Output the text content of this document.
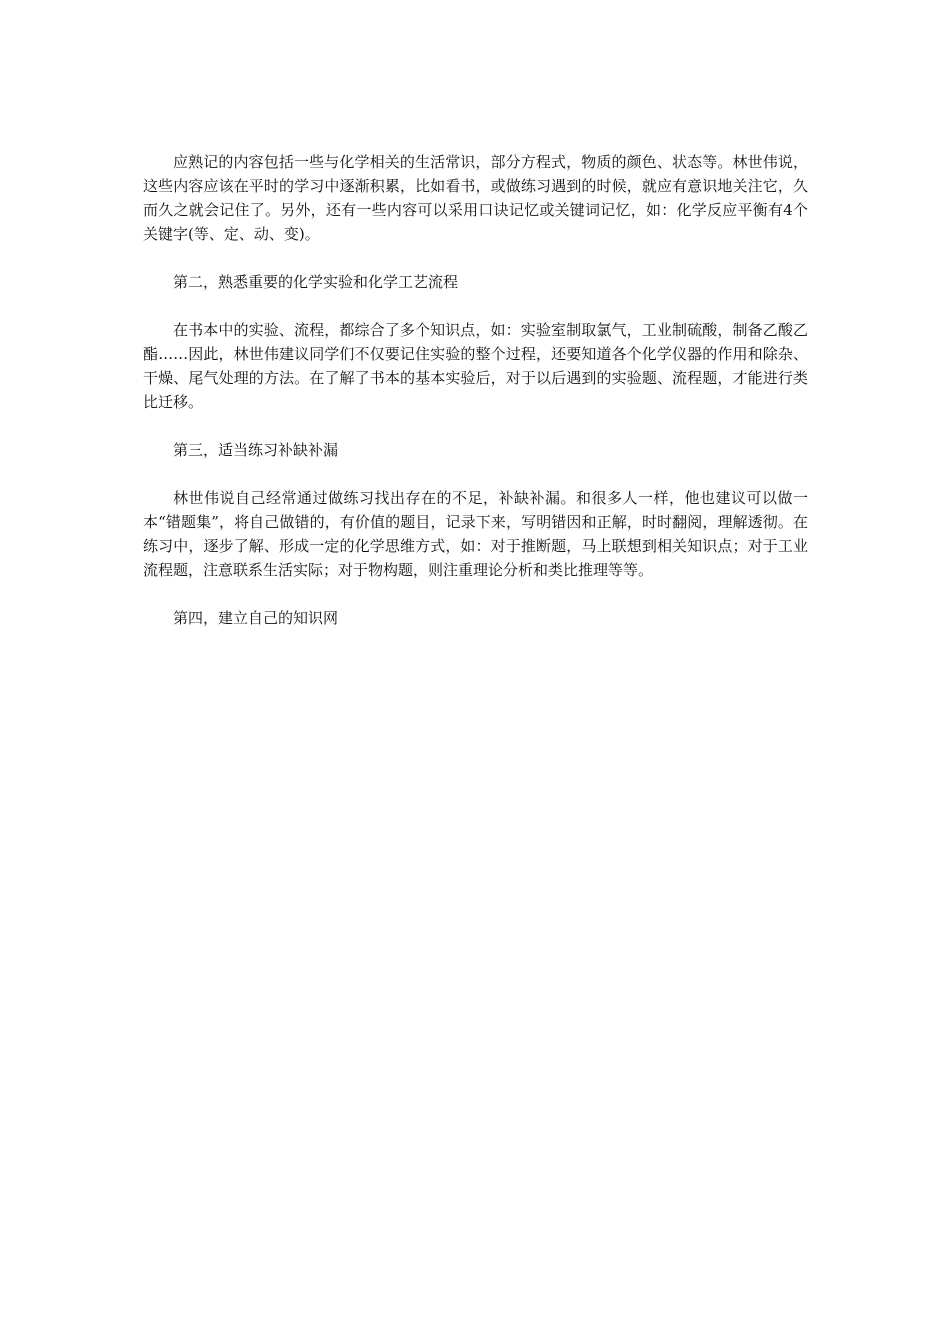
应熟记的内容包括一些与化学相关的生活常识，部分方程式，物质的颜色、状态等。林世伟说，这些内容应该在平时的学习中逐渐积累，比如看书，或做练习遇到的时候，就应有意识地关注它，久而久之就会记住了。另外，还有一些内容可以采用口诀记忆或关键词记忆，如：化学反应平衡有4个关键字(等、定、动、变)。

第二，熟悉重要的化学实验和化学工艺流程

在书本中的实验、流程，都综合了多个知识点，如：实验室制取氯气，工业制硫酸，制备乙酸乙酯……因此，林世伟建议同学们不仅要记住实验的整个过程，还要知道各个化学仪器的作用和除杂、干燥、尾气处理的方法。在了解了书本的基本实验后，对于以后遇到的实验题、流程题，才能进行类比迁移。

第三，适当练习补缺补漏

林世伟说自己经常通过做练习找出存在的不足，补缺补漏。和很多人一样，他也建议可以做一本“错题集”，将自己做错的，有价值的题目，记录下来，写明错因和正解，时时翻阅，理解透彻。在练习中，逐步了解、形成一定的化学思维方式，如：对于推断题，马上联想到相关知识点；对于工业流程题，注意联系生活实际；对于物构题，则注重理论分析和类比推理等等。

第四，建立自己的知识网
